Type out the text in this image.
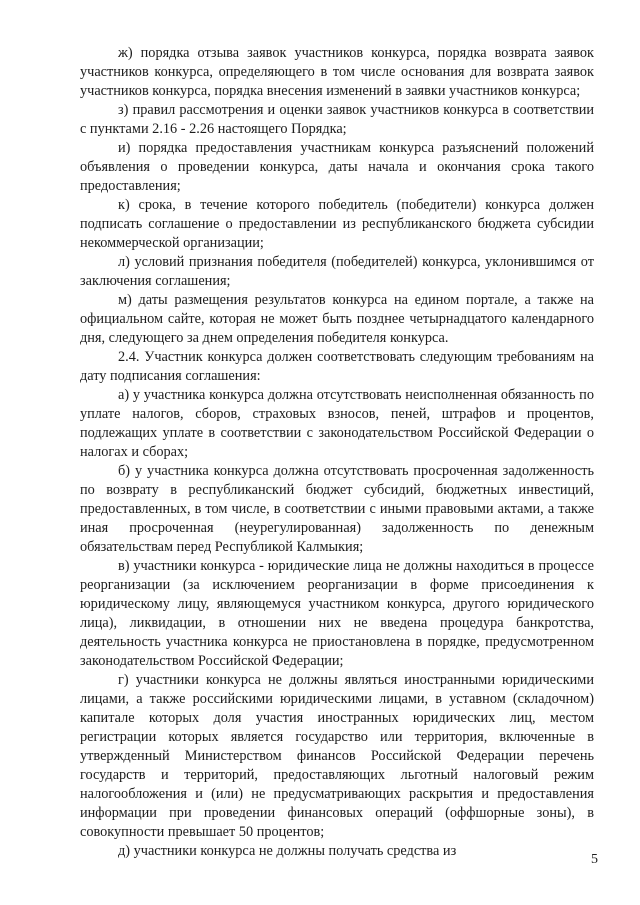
ж) порядка отзыва заявок участников конкурса, порядка возврата заявок участников конкурса, определяющего в том числе основания для возврата заявок участников конкурса, порядка внесения изменений в заявки участников конкурса;

з) правил рассмотрения и оценки заявок участников конкурса в соответствии с пунктами 2.16 - 2.26 настоящего Порядка;

и) порядка предоставления участникам конкурса разъяснений положений объявления о проведении конкурса, даты начала и окончания срока такого предоставления;

к) срока, в течение которого победитель (победители) конкурса должен подписать соглашение о предоставлении из республиканского бюджета субсидии некоммерческой организации;

л) условий признания победителя (победителей) конкурса, уклонившимся от заключения соглашения;

м) даты размещения результатов конкурса на едином портале, а также на официальном сайте, которая не может быть позднее четырнадцатого календарного дня, следующего за днем определения победителя конкурса.

2.4. Участник конкурса должен соответствовать следующим требованиям на дату подписания соглашения:

а) у участника конкурса должна отсутствовать неисполненная обязанность по уплате налогов, сборов, страховых взносов, пеней, штрафов и процентов, подлежащих уплате в соответствии с законодательством Российской Федерации о налогах и сборах;

б) у участника конкурса должна отсутствовать просроченная задолженность по возврату в республиканский бюджет субсидий, бюджетных инвестиций, предоставленных, в том числе, в соответствии с иными правовыми актами, а также иная просроченная (неурегулированная) задолженность по денежным обязательствам перед Республикой Калмыкия;

в) участники конкурса - юридические лица не должны находиться в процессе реорганизации (за исключением реорганизации в форме присоединения к юридическому лицу, являющемуся участником конкурса, другого юридического лица), ликвидации, в отношении них не введена процедура банкротства, деятельность участника конкурса не приостановлена в порядке, предусмотренном законодательством Российской Федерации;

г) участники конкурса не должны являться иностранными юридическими лицами, а также российскими юридическими лицами, в уставном (складочном) капитале которых доля участия иностранных юридических лиц, местом регистрации которых является государство или территория, включенные в утвержденный Министерством финансов Российской Федерации перечень государств и территорий, предоставляющих льготный налоговый режим налогообложения и (или) не предусматривающих раскрытия и предоставления информации при проведении финансовых операций (оффшорные зоны), в совокупности превышает 50 процентов;

д) участники конкурса не должны получать средства из

5
